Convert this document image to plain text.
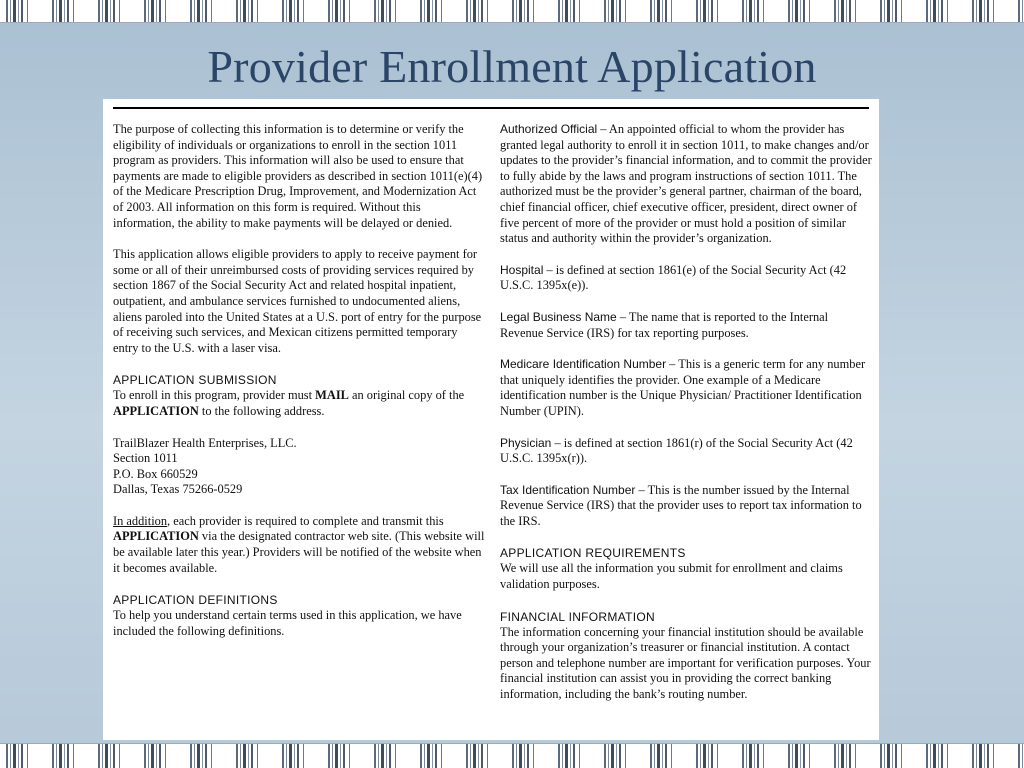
Provider Enrollment Application

The purpose of collecting this information is to determine or verify the eligibility of individuals or organizations to enroll in the section 1011 program as providers. This information will also be used to ensure that payments are made to eligible providers as described in section 1011(e)(4) of the Medicare Prescription Drug, Improvement, and Modernization Act of 2003. All information on this form is required. Without this information, the ability to make payments will be delayed or denied.

This application allows eligible providers to apply to receive payment for some or all of their unreimbursed costs of providing services required by section 1867 of the Social Security Act and related hospital inpatient, outpatient, and ambulance services furnished to undocumented aliens, aliens paroled into the United States at a U.S. port of entry for the purpose of receiving such services, and Mexican citizens permitted temporary entry to the U.S. with a laser visa.

APPLICATION SUBMISSION
To enroll in this program, provider must MAIL an original copy of the APPLICATION to the following address.
TrailBlazer Health Enterprises, LLC.
Section 1011
P.O. Box 660529
Dallas, Texas 75266-0529

In addition, each provider is required to complete and transmit this APPLICATION via the designated contractor web site. (This website will be available later this year.) Providers will be notified of the website when it becomes available.

APPLICATION DEFINITIONS
To help you understand certain terms used in this application, we have included the following definitions.

Authorized Official – An appointed official to whom the provider has granted legal authority to enroll it in section 1011, to make changes and/or updates to the provider’s financial information, and to commit the provider to fully abide by the laws and program instructions of section 1011. The authorized must be the provider’s general partner, chairman of the board, chief financial officer, chief executive officer, president, direct owner of five percent of more of the provider or must hold a position of similar status and authority within the provider’s organization.

Hospital – is defined at section 1861(e) of the Social Security Act (42 U.S.C. 1395x(e)).

Legal Business Name – The name that is reported to the Internal Revenue Service (IRS) for tax reporting purposes.

Medicare Identification Number – This is a generic term for any number that uniquely identifies the provider. One example of a Medicare identification number is the Unique Physician/ Practitioner Identification Number (UPIN).

Physician – is defined at section 1861(r) of the Social Security Act (42 U.S.C. 1395x(r)).

Tax Identification Number – This is the number issued by the Internal Revenue Service (IRS) that the provider uses to report tax information to the IRS.

APPLICATION REQUIREMENTS
We will use all the information you submit for enrollment and claims validation purposes.
FINANCIAL INFORMATION
The information concerning your financial institution should be available through your organization’s treasurer or financial institution. A contact person and telephone number are important for verification purposes. Your financial institution can assist you in providing the correct banking information, including the bank’s routing number.
